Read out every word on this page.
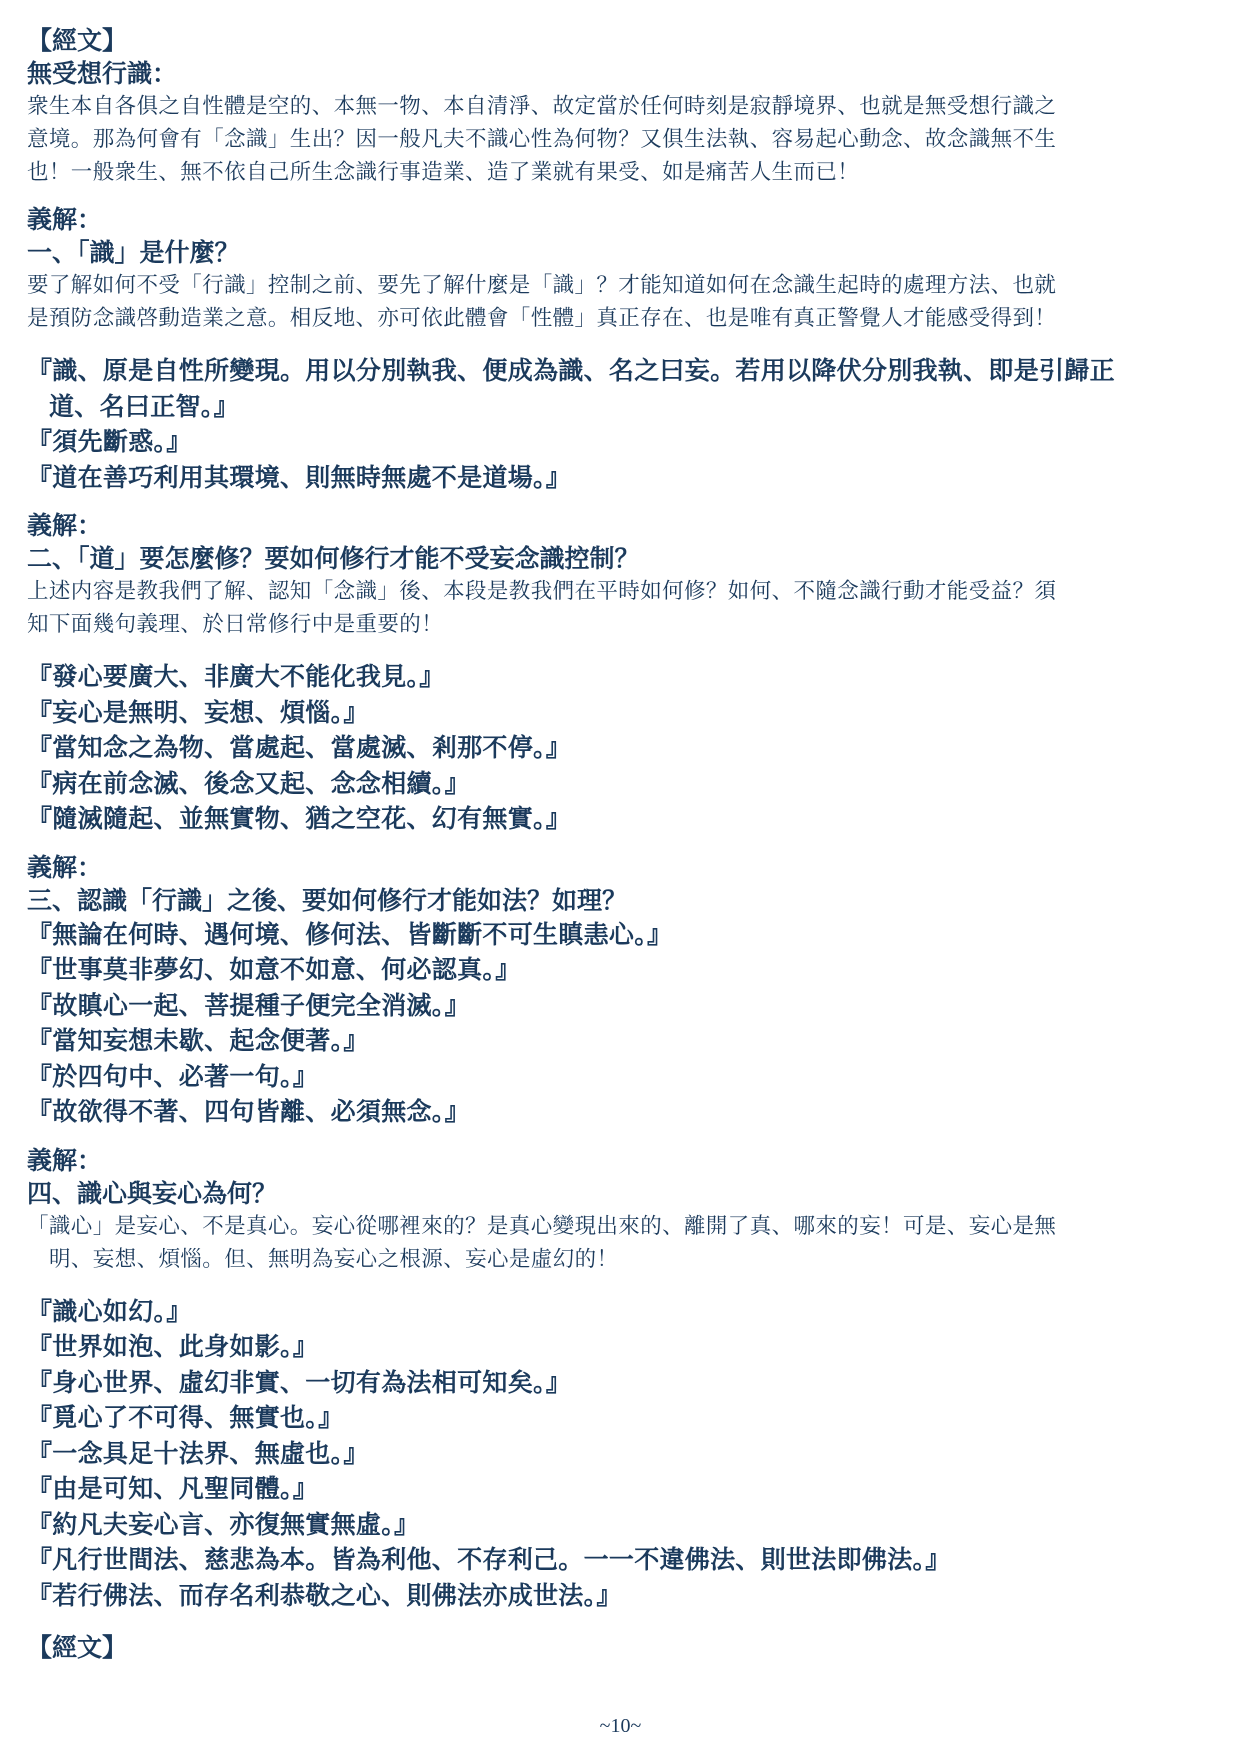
【經文】
無受想行識：
衆生本自各俱之自性體是空的、本無一物、本自清淨、故定當於任何時刻是寂靜境界、也就是無受想行識之
意境。那為何會有「念識」生出？因一般凡夫不識心性為何物？又俱生法執、容易起心動念、故念識無不生
也！一般衆生、無不依自己所生念識行事造業、造了業就有果受、如是痛苦人生而已！
義解：
一、「識」是什麼？
要了解如何不受「行識」控制之前、要先了解什麼是「識」？才能知道如何在念識生起時的處理方法、也就
是預防念識啓動造業之意。相反地、亦可依此體會「性體」真正存在、也是唯有真正警覺人才能感受得到！
『識、原是自性所變現。用以分別執我、便成為識、名之曰妄。若用以降伏分別我執、即是引歸正
道、名曰正智。』
『須先斷惑。』
『道在善巧利用其環境、則無時無處不是道場。』
義解：
二、「道」要怎麼修？要如何修行才能不受妄念識控制？
上述内容是教我們了解、認知「念識」後、本段是教我們在平時如何修？如何、不隨念識行動才能受益？須
知下面幾句義理、於日常修行中是重要的！
『發心要廣大、非廣大不能化我見。』
『妄心是無明、妄想、煩惱。』
『當知念之為物、當處起、當處滅、剎那不停。』
『病在前念滅、後念又起、念念相續。』
『隨滅隨起、並無實物、猶之空花、幻有無實。』
義解：
三、認識「行識」之後、要如何修行才能如法？如理？
『無論在何時、遇何境、修何法、皆斷斷不可生瞋恚心。』
『世事莫非夢幻、如意不如意、何必認真。』
『故瞋心一起、菩提種子便完全消滅。』
『當知妄想未歇、起念便著。』
『於四句中、必著一句。』
『故欲得不著、四句皆離、必須無念。』
義解：
四、識心與妄心為何？
「識心」是妄心、不是真心。妄心從哪裡來的？是真心變現出來的、離開了真、哪來的妄！可是、妄心是無
明、妄想、煩惱。但、無明為妄心之根源、妄心是虛幻的！
『識心如幻。』
『世界如泡、此身如影。』
『身心世界、虛幻非實、一切有為法相可知矣。』
『覓心了不可得、無實也。』
『一念具足十法界、無虛也。』
『由是可知、凡聖同體。』
『約凡夫妄心言、亦復無實無虛。』
『凡行世間法、慈悲為本。皆為利他、不存利己。一一不違佛法、則世法即佛法。』
『若行佛法、而存名利恭敬之心、則佛法亦成世法。』
【經文】
~10~
